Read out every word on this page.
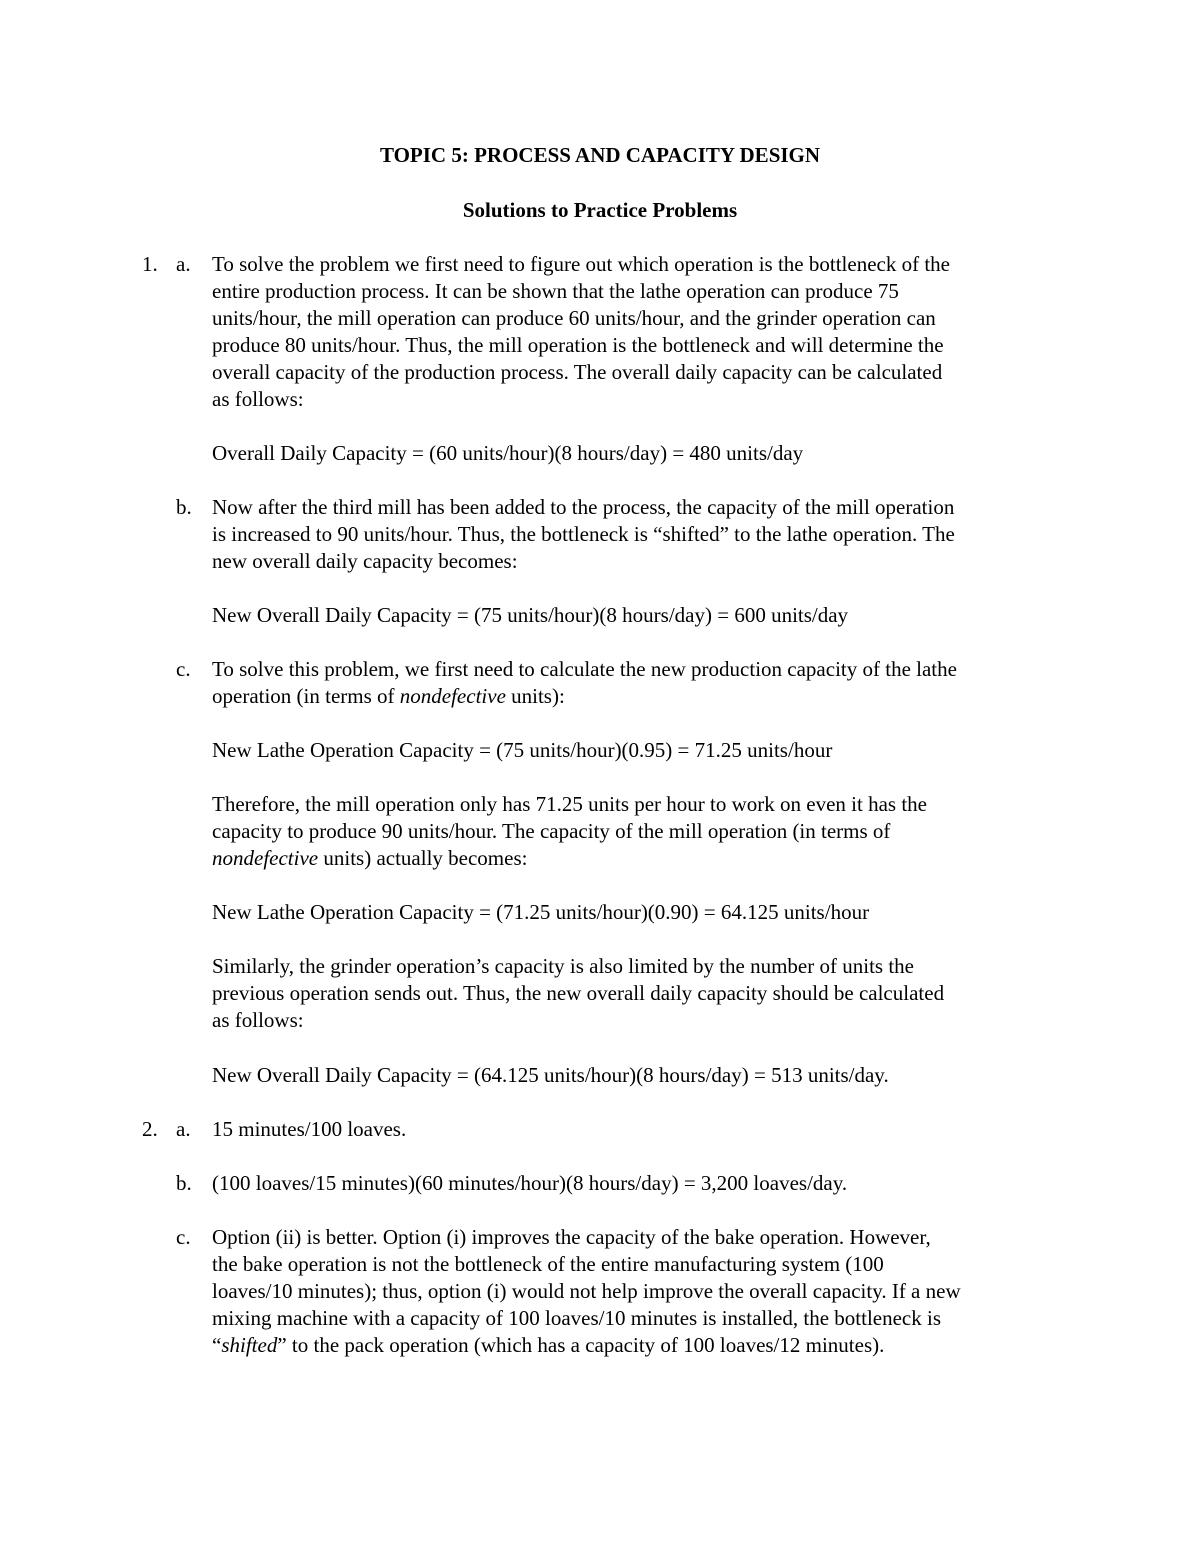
TOPIC 5: PROCESS AND CAPACITY DESIGN
Solutions to Practice Problems
1. a. To solve the problem we first need to figure out which operation is the bottleneck of the
entire production process. It can be shown that the lathe operation can produce 75
units/hour, the mill operation can produce 60 units/hour, and the grinder operation can
produce 80 units/hour. Thus, the mill operation is the bottleneck and will determine the
overall capacity of the production process. The overall daily capacity can be calculated
as follows:
Overall Daily Capacity = (60 units/hour)(8 hours/day) = 480 units/day
b. Now after the third mill has been added to the process, the capacity of the mill operation
is increased to 90 units/hour. Thus, the bottleneck is “shifted” to the lathe operation. The
new overall daily capacity becomes:
New Overall Daily Capacity = (75 units/hour)(8 hours/day) = 600 units/day
c. To solve this problem, we first need to calculate the new production capacity of the lathe
operation (in terms of nondefective units):
New Lathe Operation Capacity = (75 units/hour)(0.95) = 71.25 units/hour
Therefore, the mill operation only has 71.25 units per hour to work on even it has the
capacity to produce 90 units/hour. The capacity of the mill operation (in terms of
nondefective units) actually becomes:
New Lathe Operation Capacity = (71.25 units/hour)(0.90) = 64.125 units/hour
Similarly, the grinder operation’s capacity is also limited by the number of units the
previous operation sends out. Thus, the new overall daily capacity should be calculated
as follows:
New Overall Daily Capacity = (64.125 units/hour)(8 hours/day) = 513 units/day.
2. a. 15 minutes/100 loaves.
b. (100 loaves/15 minutes)(60 minutes/hour)(8 hours/day) = 3,200 loaves/day.
c. Option (ii) is better. Option (i) improves the capacity of the bake operation. However,
the bake operation is not the bottleneck of the entire manufacturing system (100
loaves/10 minutes); thus, option (i) would not help improve the overall capacity. If a new
mixing machine with a capacity of 100 loaves/10 minutes is installed, the bottleneck is
“shifted” to the pack operation (which has a capacity of 100 loaves/12 minutes).
